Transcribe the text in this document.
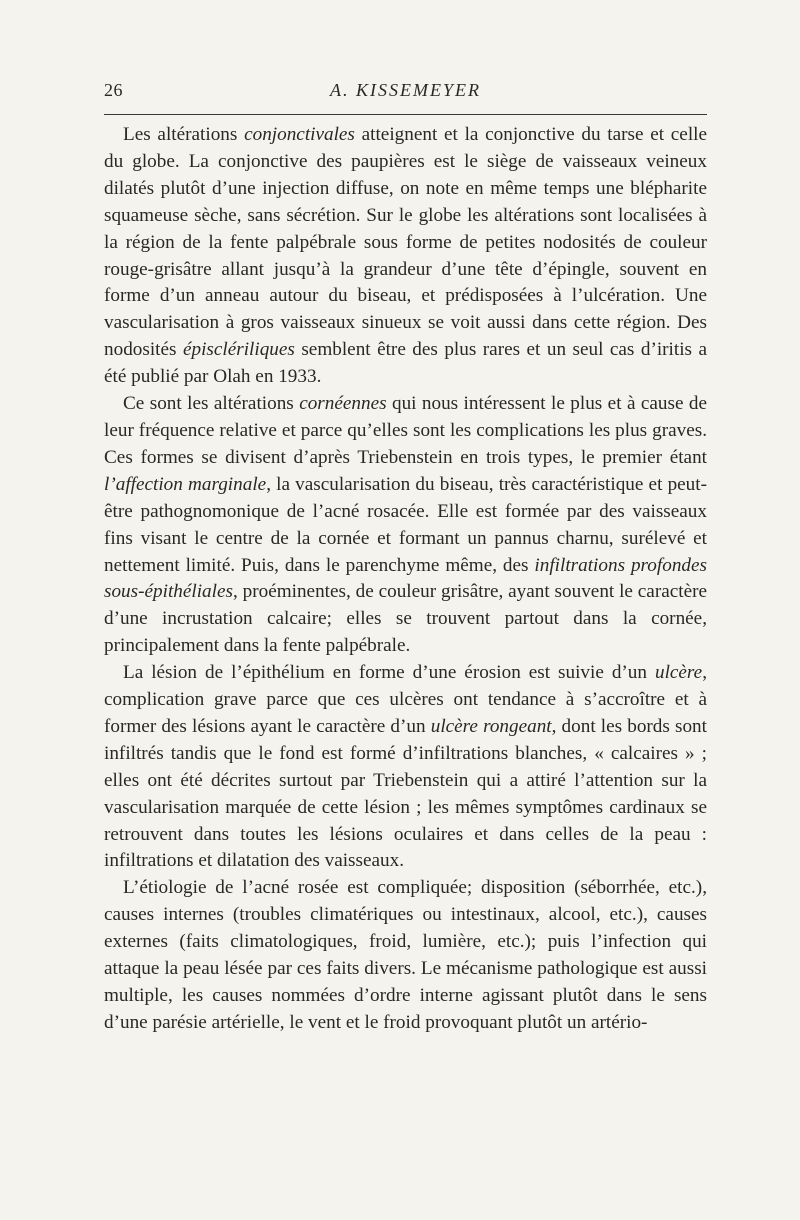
26	A. KISSEMEYER

Les altérations conjonctivales atteignent et la conjonctive du tarse et celle du globe. La conjonctive des paupières est le siège de vaisseaux veineux dilatés plutôt d’une injection diffuse, on note en même temps une blépharite squameuse sèche, sans sécrétion. Sur le globe les altérations sont localisées à la région de la fente palpébrale sous forme de petites nodosités de couleur rouge-grisâtre allant jusqu’à la grandeur d’une tête d’épingle, souvent en forme d’un anneau autour du biseau, et prédisposées à l’ulcération. Une vascularisation à gros vaisseaux sinueux se voit aussi dans cette région. Des nodosités épisclériliques semblent être des plus rares et un seul cas d’iritis a été publié par Olah en 1933.

Ce sont les altérations cornéennes qui nous intéressent le plus et à cause de leur fréquence relative et parce qu’elles sont les complications les plus graves. Ces formes se divisent d’après Triebenstein en trois types, le premier étant l’affection marginale, la vascularisation du biseau, très caractéristique et peut-être pathognomonique de l’acné rosacée. Elle est formée par des vaisseaux fins visant le centre de la cornée et formant un pannus charnu, surélevé et nettement limité. Puis, dans le parenchyme même, des infiltrations profondes sous-épithéliales, proéminentes, de couleur grisâtre, ayant souvent le caractère d’une incrustation calcaire; elles se trouvent partout dans la cornée, principalement dans la fente palpébrale.

La lésion de l’épithélium en forme d’une érosion est suivie d’un ulcère, complication grave parce que ces ulcères ont tendance à s’accroître et à former des lésions ayant le caractère d’un ulcère rongeant, dont les bords sont infiltrés tandis que le fond est formé d’infiltrations blanches, « calcaires » ; elles ont été décrites surtout par Triebenstein qui a attiré l’attention sur la vascularisation marquée de cette lésion ; les mêmes symptômes cardinaux se retrouvent dans toutes les lésions oculaires et dans celles de la peau : infiltrations et dilatation des vaisseaux.

L’étiologie de l’acné rosée est compliquée; disposition (séborrhée, etc.), causes internes (troubles climatériques ou intestinaux, alcool, etc.), causes externes (faits climatologiques, froid, lumière, etc.); puis l’infection qui attaque la peau lésée par ces faits divers. Le mécanisme pathologique est aussi multiple, les causes nommées d’ordre interne agissant plutôt dans le sens d’une parésie artérielle, le vent et le froid provoquant plutôt un artério-
